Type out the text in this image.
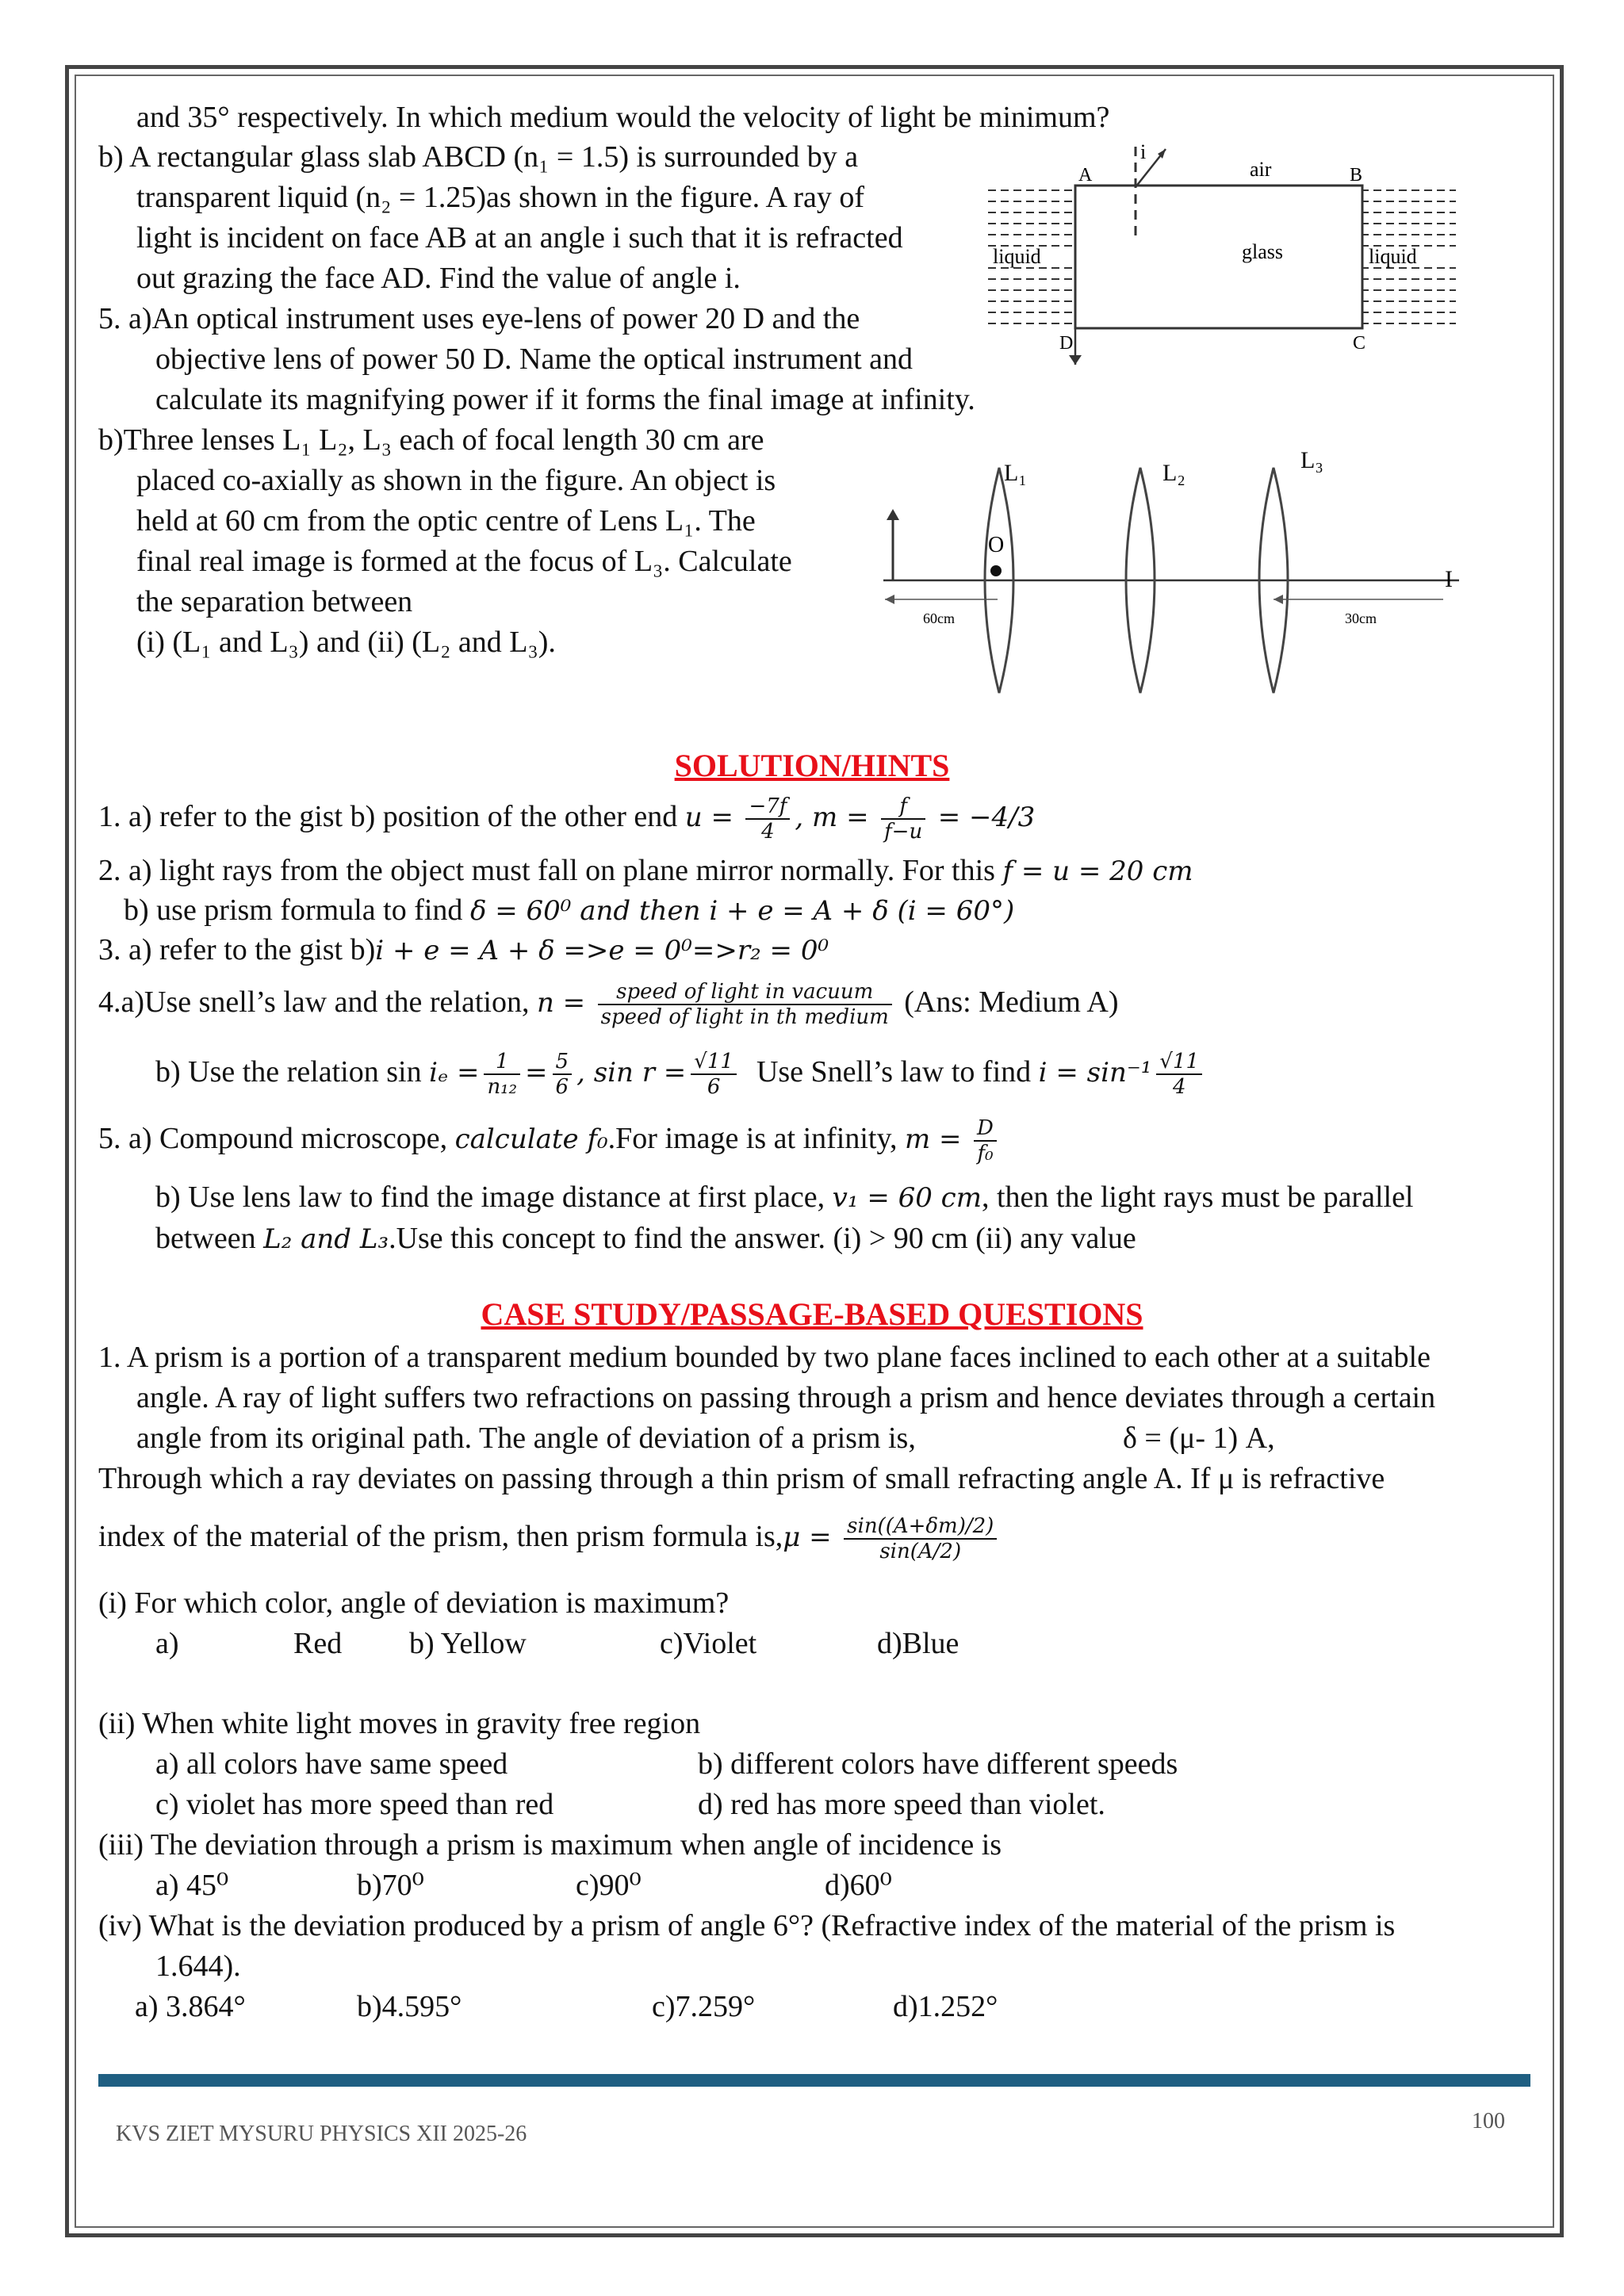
and 35° respectively. In which medium would the velocity of light be minimum?
b) A rectangular glass slab ABCD (n₁ = 1.5) is surrounded by a
transparent liquid (n₂ = 1.25)as shown in the figure. A ray of
light is incident on face AB at an angle i such that it is refracted
out grazing the face AD. Find the value of angle i.
5. a)An optical instrument uses eye-lens of power 20 D and the
objective lens of power 50 D. Name the optical instrument and
calculate its magnifying power if it forms the final image at infinity.
b)Three lenses L₁ L₂, L₃ each of focal length 30 cm are
placed co-axially as shown in the figure. An object is
held at 60 cm from the optic centre of Lens L₁. The
final real image is formed at the focus of L₃. Calculate
the separation between
(i) (L₁ and L₃) and (ii) (L₂ and L₃).
i
air
A	B
C
D
glass
liquid	liquid
L₁	L₂	L₃
O
I
60cm	30cm
SOLUTION/HINTS
1. a) refer to the gist b) position of the other end $u = \frac{-7f}{4}$ , $m = \frac{f}{f-u} = -4/3$
2. a) light rays from the object must fall on plane mirror normally. For this f = u = 20 cm
b) use prism formula to find δ = 60⁰ and then i + e = A + δ (i = 60°)
3. a) refer to the gist b)i + e = A + δ =>e = 0⁰=>r₂ = 0⁰
4.a)Use snell’s law and the relation, $n = \frac{\text{speed of light in vacuum}}{\text{speed of light in th medium}} (Ans$: Medium A)
b) Use the relation $\sin i_e = \frac{1}{\text{n₁₂}} = \frac{5}{6}$ , $\sin r = \frac{√11}{6}$ Use Snell’s law to find $i = \sin^{-1} \frac{√11}{4}$
5. a) Compound microscope, calculate f₀.For image is at infinity, $m = \frac{D}{\text{f₀}}$
b) Use lens law to find the image distance at first place, v₁ = 60 cm, then the light rays must be parallel
between L₂ and L₃.Use this concept to find the answer. (i) > 90 cm (ii) any value
CASE STUDY/PASSAGE-BASED QUESTIONS
1. A prism is a portion of a transparent medium bounded by two plane faces inclined to each other at a suitable
angle. A ray of light suffers two refractions on passing through a prism and hence deviates through a certain
angle from its original path. The angle of deviation of a prism is,	δ = (μ- 1) A,
Through which a ray deviates on passing through a thin prism of small refracting angle A. If μ is refractive
index of the material of the prism, then prism formula $is,\mu = \frac{\sin((A+\delta m)/2)}{\sin(A/2)}$
(i) For which color, angle of deviation is maximum?
a)	Red b) Yellow	c)Violet	d)Blue
(ii) When white light moves in gravity free region
a) all colors have same speed	b) different colors have different speeds
c) violet has more speed than red	d) red has more speed than violet.
(iii) The deviation through a prism is maximum when angle of incidence is
a) 45⁰	b)70⁰	c)90⁰	d)60⁰
(iv) What is the deviation produced by a prism of angle 6°? (Refractive index of the material of the prism is
1.644).
a) 3.864°	b)4.595°	c)7.259°	d)1.252°
KVS ZIET MYSURU PHYSICS XII 2025-26
100
